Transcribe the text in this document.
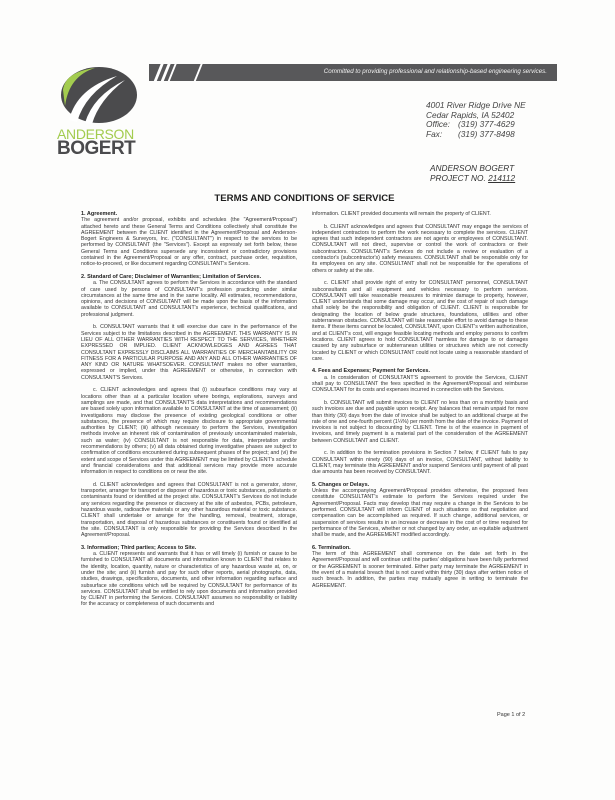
Committed to providing professional and relationship-based engineering services.
ANDERSON
BOGERT
4001 River Ridge Drive NE
Cedar Rapids, IA 52402
Office: (319) 377-4629
Fax: (319) 377-8498
ANDERSON BOGERT
PROJECT NO. 214112
TERMS AND CONDITIONS OF SERVICE
1. Agreement.

The agreement and/or proposal, exhibits and schedules (the "Agreement/Proposal") attached hereto and these General Terms and Conditions collectively shall constitute the AGREEMENT between the CLIENT identified in the Agreement/Proposal and Anderson-Bogert Engineers & Surveyors, Inc. ("CONSULTANT") in respect to the services to be performed by CONSULTANT (the "Services"). Except as expressly set forth below, these General Terms and Conditions supersede any inconsistent or contradictory provisions contained in the Agreement/Proposal or any offer, contract, purchase order, requisition, notice-to-proceed, or like document regarding CONSULTANT's Services.

2. Standard of Care; Disclaimer of Warranties; Limitation of Services.

a. The CONSULTANT agrees to perform the Services in accordance with the standard of care used by persons of CONSULTANT's profession practicing under similar circumstances at the same time and in the same locality. All estimates, recommendations, opinions, and decisions of CONSULTANT will be made upon the basis of the information available to CONSULTANT and CONSULTANT's experience, technical qualifications, and professional judgment.

b. CONSULTANT warrants that it will exercise due care in the performance of the Services subject to the limitations described in the AGREEMENT. THIS WARRANTY IS IN LIEU OF ALL OTHER WARRANTIES WITH RESPECT TO THE SERVICES, WHETHER EXPRESSED OR IMPLIED. CLIENT ACKNOWLEDGES AND AGREES THAT CONSULTANT EXPRESSLY DISCLAIMS ALL WARRANTIES OF MERCHANTABILITY OR FITNESS FOR A PARTICULAR PURPOSE AND ANY AND ALL OTHER WARRANTIES OF ANY KIND OR NATURE WHATSOEVER. CONSULTANT makes no other warranties, expressed or implied, under this AGREEMENT or otherwise, in connection with CONSULTANT'S Services.

c. CLIENT acknowledges and agrees that (i) subsurface conditions may vary at locations other than at a particular location where borings, explorations, surveys and samplings are made, and that CONSULTANT'S data interpretations and recommendations are based solely upon information available to CONSULTANT at the time of assessment; (ii) investigations may disclose the presence of existing geological conditions or other substances, the presence of which may require disclosure to appropriate governmental authorities by CLIENT; (iii) although necessary to perform the Services, investigation methods involve an inherent risk of contamination of previously uncontaminated materials, such as water; (iv) CONSULTANT is not responsible for data, interpretation and/or recommendations by others; (v) all data obtained during investigative phases are subject to confirmation of conditions encountered during subsequent phases of the project; and (vi) the extent and scope of Services under this AGREEMENT may be limited by CLIENT's schedule and financial considerations and that additional services may provide more accurate information in respect to conditions on or near the site.

d. CLIENT acknowledges and agrees that CONSULTANT is not a generator, storer, transporter, arranger for transport or disposer of hazardous or toxic substances, pollutants or contaminants found or identified at the project site. CONSULTANT's Services do not include any services regarding the presence or discovery at the site of asbestos, PCBs, petroleum, hazardous waste, radioactive materials or any other hazardous material or toxic substance. CLIENT shall undertake or arrange for the handling, removal, treatment, storage, transportation, and disposal of hazardous substances or constituents found or identified at the site. CONSULTANT is only responsible for providing the Services described in the Agreement/Proposal.

3. Information; Third parties; Access to Site.

a. CLIENT represents and warrants that it has or will timely (i) furnish or cause to be furnished to CONSULTANT all documents and information known to CLIENT that relates to the identity, location, quantity, nature or characteristics of any hazardous waste at, on, or under the site; and (ii) furnish and pay for such other reports, aerial photographs, data, studies, drawings, specifications, documents, and other information regarding surface and subsurface site conditions which will be required by CONSULTANT for performance of its services. CONSULTANT shall be entitled to rely upon documents and information provided by CLIENT in performing the Services. CONSULTANT assumes no responsibility or liability for the accuracy or completeness of such documents and

information. CLIENT provided documents will remain the property of CLIENT.

b. CLIENT acknowledges and agrees that CONSULTANT may engage the services of independent contractors to perform the work necessary to complete the services. CLIENT agrees that such independent contractors are not agents or employees of CONSULTANT. CONSULTANT will not direct, supervise or control the work of contractors or their subcontractors. CONSULTANT's Services do not include a review or evaluation of a contractor's (subcontractor's) safety measures. CONSULTANT shall be responsible only for its employees on any site. CONSULTANT shall not be responsible for the operations of others or safety at the site.

c. CLIENT shall provide right of entry for CONSULTANT personnel, CONSULTANT subconsultants and all equipment and vehicles necessary to perform services. CONSULTANT will take reasonable measures to minimize damage to property, however, CLIENT understands that some damage may occur, and the cost of repair of such damage shall solely be the responsibility and obligation of CLIENT. CLIENT is responsible for designating the location of below grade structures, foundations, utilities and other subterranean obstacles. CONSULTANT will take reasonable effort to avoid damage to these items. If these items cannot be located, CONSULTANT, upon CLIENT's written authorization, and at CLIENT's cost, will engage feasible locating methods and employ persons to confirm locations. CLIENT agrees to hold CONSULTANT harmless for damage to or damages caused by any subsurface or subterranean utilities or structures which are not correctly located by CLIENT or which CONSULTANT could not locate using a reasonable standard of care.

4. Fees and Expenses; Payment for Services.

a. In consideration of CONSULTANT'S agreement to provide the Services, CLIENT shall pay to CONSULTANT the fees specified in the Agreement/Proposal and reimburse CONSULTANT for its costs and expenses incurred in connection with the Services.

b. CONSULTANT will submit invoices to CLIENT no less than on a monthly basis and such invoices are due and payable upon receipt. Any balances that remain unpaid for more than thirty (30) days from the date of invoice shall be subject to an additional charge at the rate of one and one-fourth percent (1¼%) per month from the date of the invoice. Payment of invoices is not subject to discounting by CLIENT. Time is of the essence in payment of invoices, and timely payment is a material part of the consideration of the AGREEMENT between CONSULTANT and CLIENT.

c. In addition to the termination provisions in Section 7 below, if CLIENT fails to pay CONSULTANT within ninety (90) days of an invoice, CONSULTANT, without liability to CLIENT, may terminate this AGREEMENT and/or suspend Services until payment of all past due amounts has been received by CONSULTANT.

5. Changes or Delays.

Unless the accompanying Agreement/Proposal provides otherwise, the proposed fees constitute CONSULTANT's estimate to perform the Services required under the Agreement/Proposal. Facts may develop that may require a change in the Services to be performed. CONSULTANT will inform CLIENT of such situations so that negotiation and compensation can be accomplished as required. If such change, additional services, or suspension of services results in an increase or decrease in the cost of or time required for performance of the Services, whether or not changed by any order, an equitable adjustment shall be made, and the AGREEMENT modified accordingly.

6. Termination.

The term of this AGREEMENT shall commence on the date set forth in the Agreement/Proposal and will continue until the parties' obligations have been fully performed or the AGREEMENT is sooner terminated. Either party may terminate the AGREEMENT in the event of a material breach that is not cured within thirty (30) days after written notice of such breach. In addition, the parties may mutually agree in writing to terminate the AGREEMENT.

Page 1 of 2
